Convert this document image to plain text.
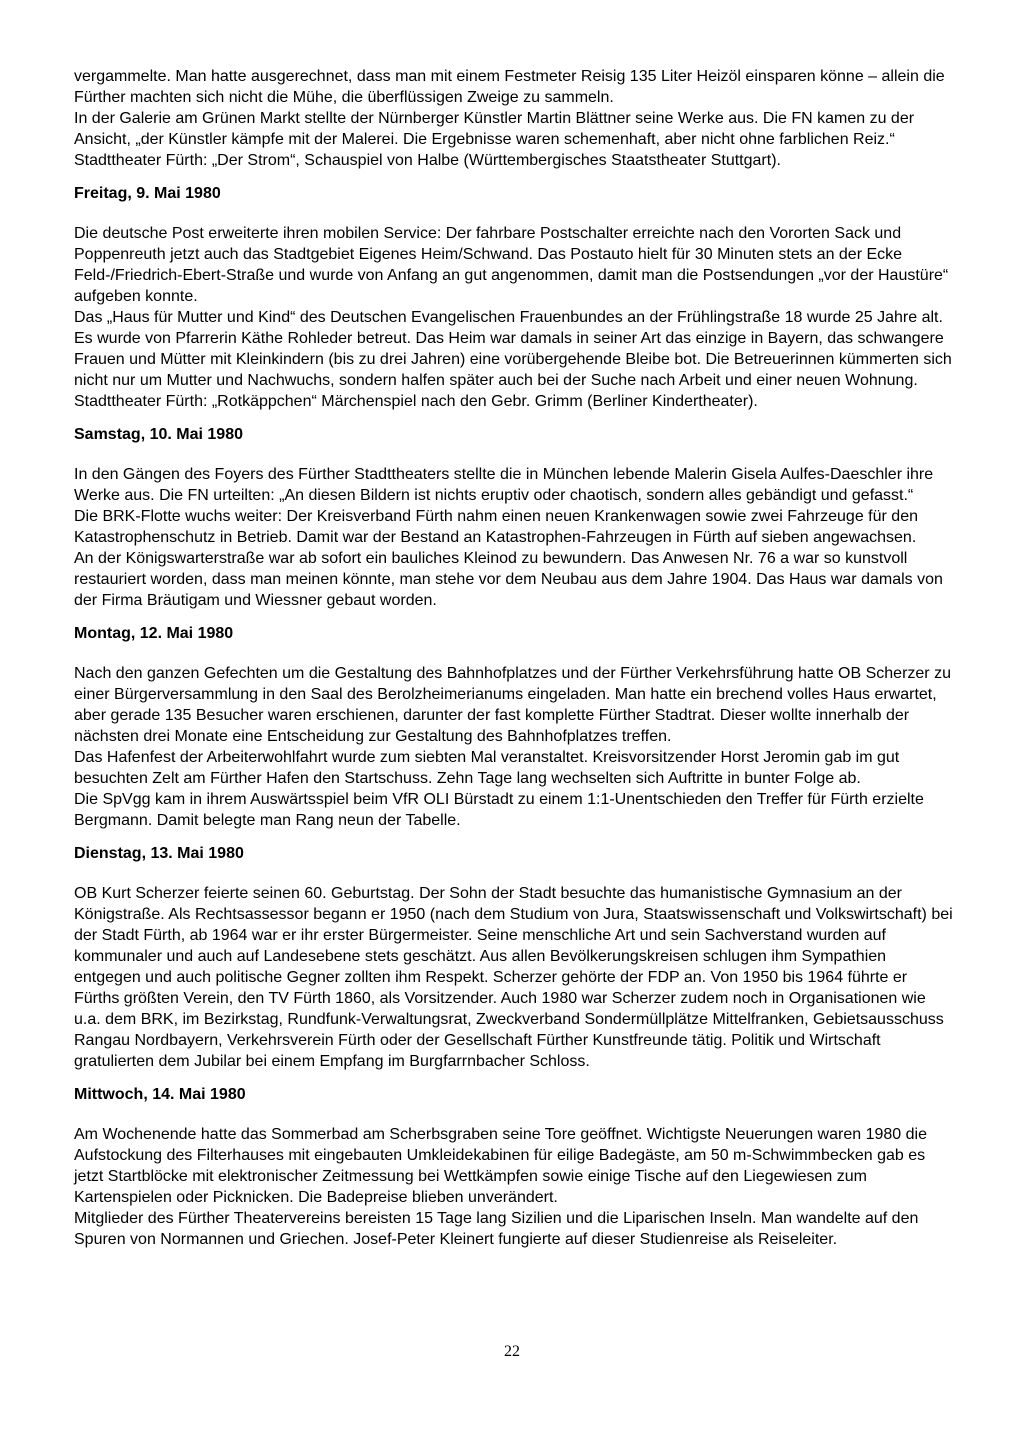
vergammelte. Man hatte ausgerechnet, dass man mit einem Festmeter Reisig 135 Liter Heizöl einsparen könne – allein die Fürther machten sich nicht die Mühe, die überflüssigen Zweige zu sammeln.

In der Galerie am Grünen Markt stellte der Nürnberger Künstler Martin Blättner seine Werke aus. Die FN kamen zu der Ansicht, „der Künstler kämpfe mit der Malerei. Die Ergebnisse waren schemenhaft, aber nicht ohne farblichen Reiz.“

Stadttheater Fürth: „Der Strom“, Schauspiel von Halbe (Württembergisches Staatstheater Stuttgart).

Freitag, 9. Mai 1980

Die deutsche Post erweiterte ihren mobilen Service: Der fahrbare Postschalter erreichte nach den Vororten Sack und Poppenreuth jetzt auch das Stadtgebiet Eigenes Heim/Schwand. Das Postauto hielt für 30 Minuten stets an der Ecke Feld-/Friedrich-Ebert-Straße und wurde von Anfang an gut angenommen, damit man die Postsendungen „vor der Haustüre“ aufgeben konnte.

Das „Haus für Mutter und Kind“ des Deutschen Evangelischen Frauenbundes an der Frühlingstraße 18 wurde 25 Jahre alt. Es wurde von Pfarrerin Käthe Rohleder betreut. Das Heim war damals in seiner Art das einzige in Bayern, das schwangere Frauen und Mütter mit Kleinkindern (bis zu drei Jahren) eine vorübergehende Bleibe bot. Die Betreuerinnen kümmerten sich nicht nur um Mutter und Nachwuchs, sondern halfen später auch bei der Suche nach Arbeit und einer neuen Wohnung.

Stadttheater Fürth: „Rotkäppchen“ Märchenspiel nach den Gebr. Grimm (Berliner Kindertheater).

Samstag, 10. Mai 1980

In den Gängen des Foyers des Fürther Stadttheaters stellte die in München lebende Malerin Gisela Aulfes-Daeschler ihre Werke aus. Die FN urteilten: „An diesen Bildern ist nichts eruptiv oder chaotisch, sondern alles gebändigt und gefasst.“

Die BRK-Flotte wuchs weiter: Der Kreisverband Fürth nahm einen neuen Krankenwagen sowie zwei Fahrzeuge für den Katastrophenschutz in Betrieb. Damit war der Bestand an Katastrophen-Fahrzeugen in Fürth auf sieben angewachsen.

An der Königswarterstraße war ab sofort ein bauliches Kleinod zu bewundern. Das Anwesen Nr. 76 a war so kunstvoll restauriert worden, dass man meinen könnte, man stehe vor dem Neubau aus dem Jahre 1904. Das Haus war damals von der Firma Bräutigam und Wiessner gebaut worden.

Montag, 12. Mai 1980

Nach den ganzen Gefechten um die Gestaltung des Bahnhofplatzes und der Fürther Verkehrsführung hatte OB Scherzer zu einer Bürgerversammlung in den Saal des Berolzheimerianums eingeladen. Man hatte ein brechend volles Haus erwartet, aber gerade 135 Besucher waren erschienen, darunter der fast komplette Fürther Stadtrat. Dieser wollte innerhalb der nächsten drei Monate eine Entscheidung zur Gestaltung des Bahnhofplatzes treffen.

Das Hafenfest der Arbeiterwohlfahrt wurde zum siebten Mal veranstaltet. Kreisvorsitzender Horst Jeromin gab im gut besuchten Zelt am Fürther Hafen den Startschuss. Zehn Tage lang wechselten sich Auftritte in bunter Folge ab.

Die SpVgg kam in ihrem Auswärtsspiel beim VfR OLI Bürstadt zu einem 1:1-Unentschieden den Treffer für Fürth erzielte Bergmann. Damit belegte man Rang neun der Tabelle.

Dienstag, 13. Mai 1980

OB Kurt Scherzer feierte seinen 60. Geburtstag. Der Sohn der Stadt besuchte das humanistische Gymnasium an der Königstraße. Als Rechtsassessor begann er 1950 (nach dem Studium von Jura, Staatswissenschaft und Volkswirtschaft) bei der Stadt Fürth, ab 1964 war er ihr erster Bürgermeister. Seine menschliche Art und sein Sachverstand wurden auf kommunaler und auch auf Landesebene stets geschätzt. Aus allen Bevölkerungskreisen schlugen ihm Sympathien entgegen und auch politische Gegner zollten ihm Respekt. Scherzer gehörte der FDP an. Von 1950 bis 1964 führte er Fürths größten Verein, den TV Fürth 1860, als Vorsitzender. Auch 1980 war Scherzer zudem noch in Organisationen wie u.a. dem BRK, im Bezirkstag, Rundfunk-Verwaltungsrat, Zweckverband Sondermüllplätze Mittelfranken, Gebietsausschuss Rangau Nordbayern, Verkehrsverein Fürth oder der Gesellschaft Fürther Kunstfreunde tätig. Politik und Wirtschaft gratulierten dem Jubilar bei einem Empfang im Burgfarrnbacher Schloss.

Mittwoch, 14. Mai 1980

Am Wochenende hatte das Sommerbad am Scherbsgraben seine Tore geöffnet. Wichtigste Neuerungen waren 1980 die Aufstockung des Filterhauses mit eingebauten Umkleidekabinen für eilige Badegäste, am 50 m-Schwimmbecken gab es jetzt Startblöcke mit elektronischer Zeitmessung bei Wettkämpfen sowie einige Tische auf den Liegewiesen zum Kartenspielen oder Picknicken. Die Badepreise blieben unverändert.

Mitglieder des Fürther Theatervereins bereisten 15 Tage lang Sizilien und die Liparischen Inseln. Man wandelte auf den Spuren von Normannen und Griechen. Josef-Peter Kleinert fungierte auf dieser Studienreise als Reiseleiter.

22
